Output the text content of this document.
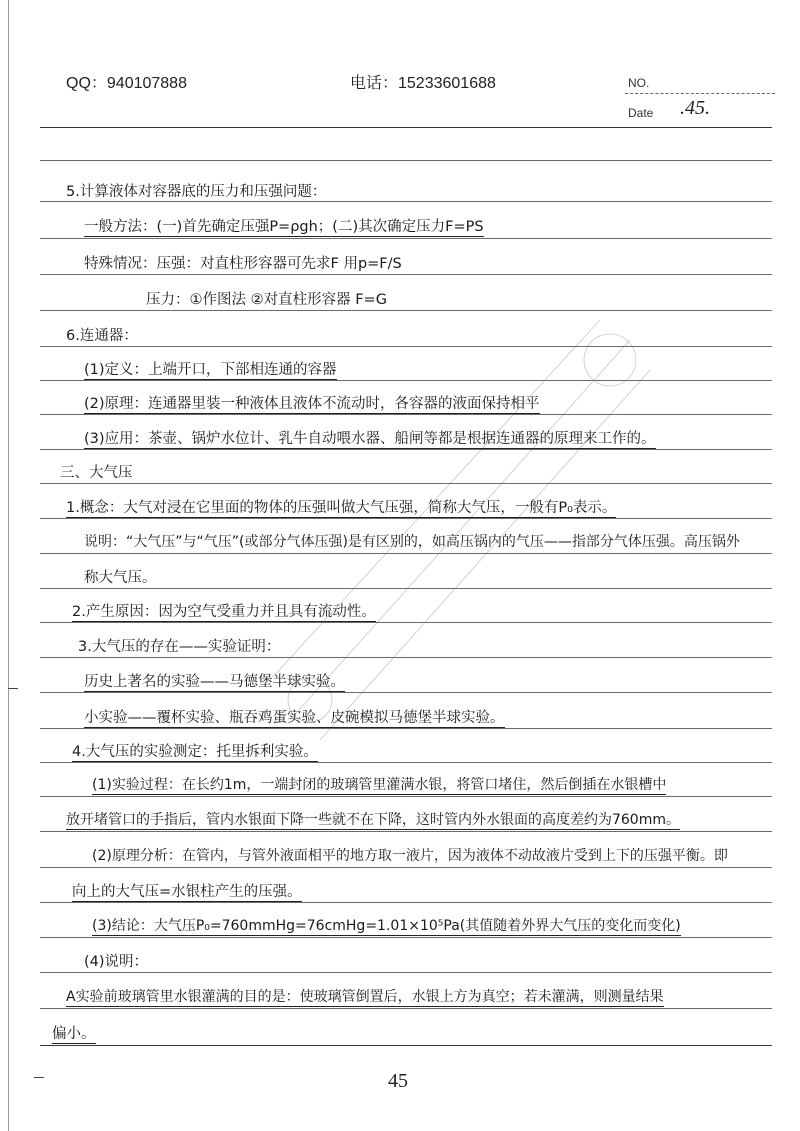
QQ：940107888	电话：15233601688	NO.
Date .45.
5.计算液体对容器底的压力和压强问题：
一般方法：(一)首先确定压强P=ρgh；(二)其次确定压力F=PS
特殊情况：压强：对直柱形容器可先求F 用p=F/S
压力：①作图法 ②对直柱形容器 F=G
6.连通器：
(1)定义：上端开口，下部相连通的容器
(2)原理：连通器里装一种液体且液体不流动时，各容器的液面保持相平
(3)应用：茶壶、锅炉水位计、乳牛自动喂水器、船闸等都是根据连通器的原理来工作的。
三、大气压
1.概念：大气对浸在它里面的物体的压强叫做大气压强，简称大气压，一般有P₀表示。
说明：“大气压”与“气压”(或部分气体压强)是有区别的，如高压锅内的气压——指部分气体压强。高压锅外
称大气压。
2.产生原因：因为空气受重力并且具有流动性。
3.大气压的存在——实验证明：
历史上著名的实验——马德堡半球实验。
小实验——覆杯实验、瓶吞鸡蛋实验、皮碗模拟马德堡半球实验。
4.大气压的实验测定：托里拆利实验。
(1)实验过程：在长约1m，一端封闭的玻璃管里灌满水银，将管口堵住，然后倒插在水银槽中
放开堵管口的手指后，管内水银面下降一些就不在下降，这时管内外水银面的高度差约为760mm。
(2)原理分析：在管内，与管外液面相平的地方取一液片，因为液体不动故液片受到上下的压强平衡。即
向上的大气压=水银柱产生的压强。
(3)结论：大气压P₀=760mmHg=76cmHg=1.01×10⁵Pa(其值随着外界大气压的变化而变化)
(4)说明：
A实验前玻璃管里水银灌满的目的是：使玻璃管倒置后，水银上方为真空；若未灌满，则测量结果
偏小。
45
